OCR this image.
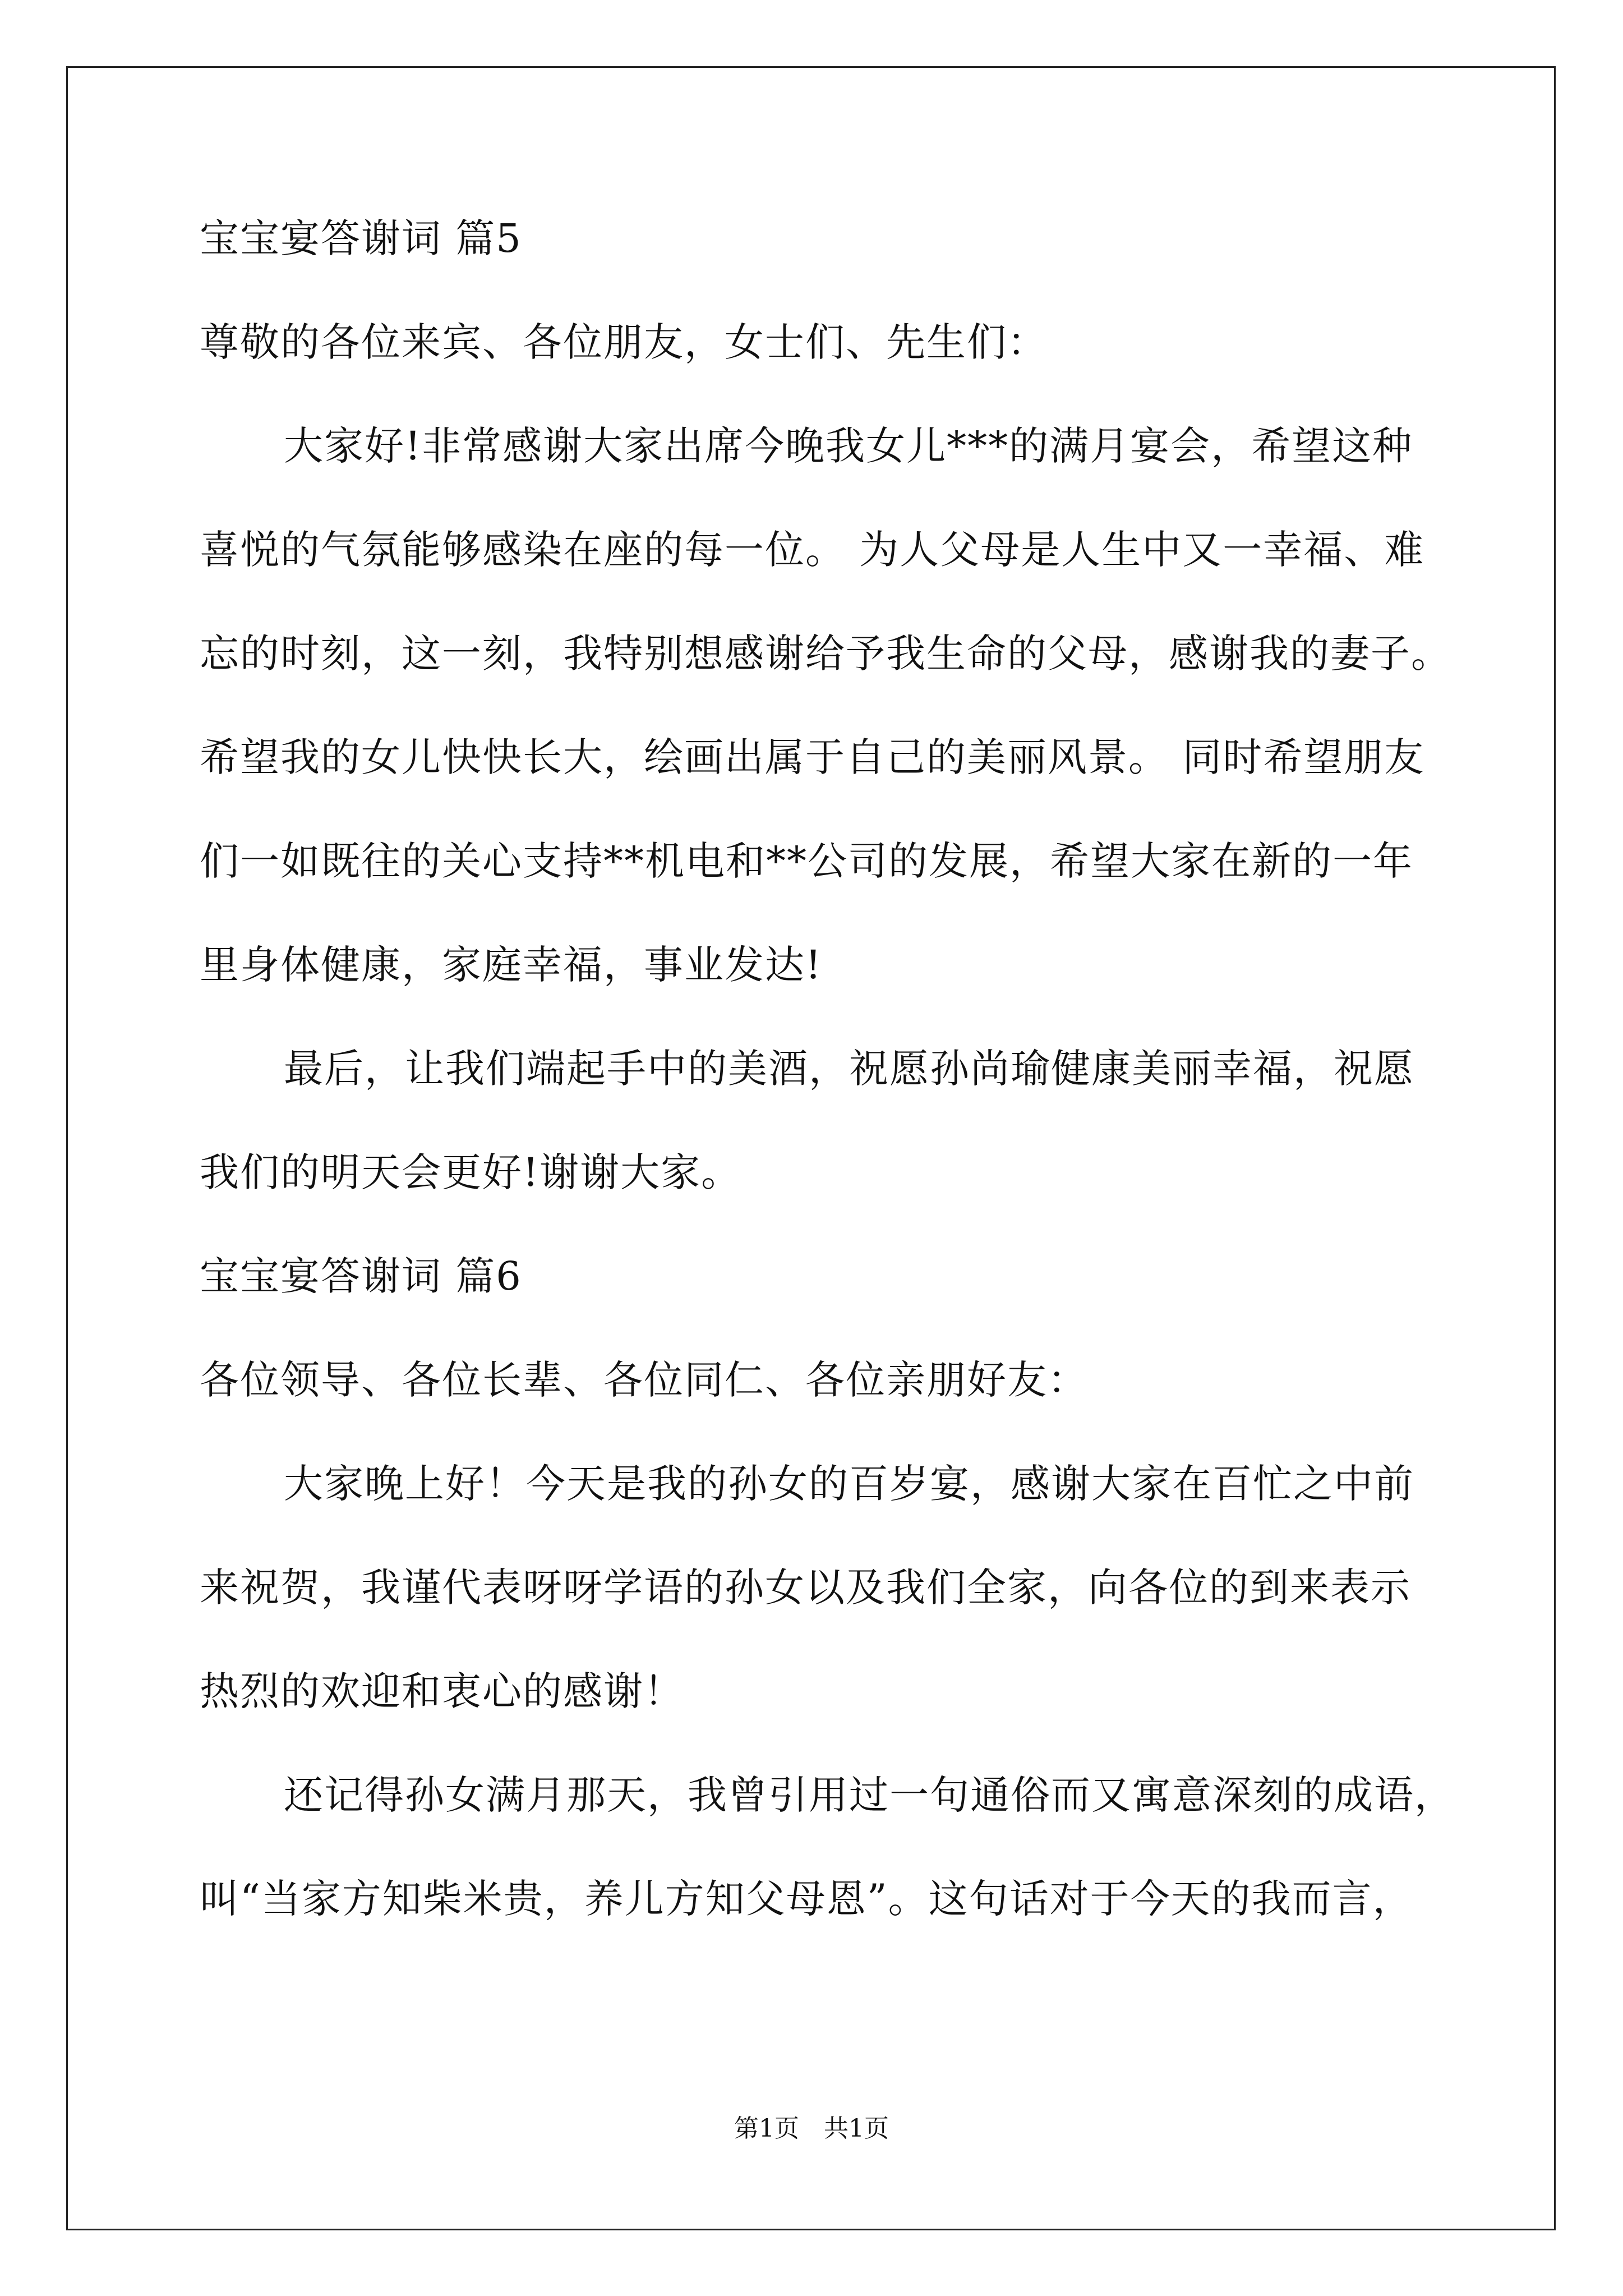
宝宝宴答谢词 篇5
尊敬的各位来宾、各位朋友，女士们、先生们：
大家好!非常感谢大家出席今晚我女儿***的满月宴会，希望这种
喜悦的气氛能够感染在座的每一位。 为人父母是人生中又一幸福、难
忘的时刻，这一刻，我特别想感谢给予我生命的父母，感谢我的妻子。
希望我的女儿快快长大，绘画出属于自己的美丽风景。 同时希望朋友
们一如既往的关心支持**机电和**公司的发展，希望大家在新的一年
里身体健康，家庭幸福，事业发达!
最后，让我们端起手中的美酒，祝愿孙尚瑜健康美丽幸福，祝愿
我们的明天会更好!谢谢大家。
宝宝宴答谢词 篇6
各位领导、各位长辈、各位同仁、各位亲朋好友：
大家晚上好！今天是我的孙女的百岁宴，感谢大家在百忙之中前
来祝贺，我谨代表呀呀学语的孙女以及我们全家，向各位的到来表示
热烈的欢迎和衷心的感谢！
还记得孙女满月那天，我曾引用过一句通俗而又寓意深刻的成语，
叫“当家方知柴米贵，养儿方知父母恩”。这句话对于今天的我而言，
第1页　共1页
